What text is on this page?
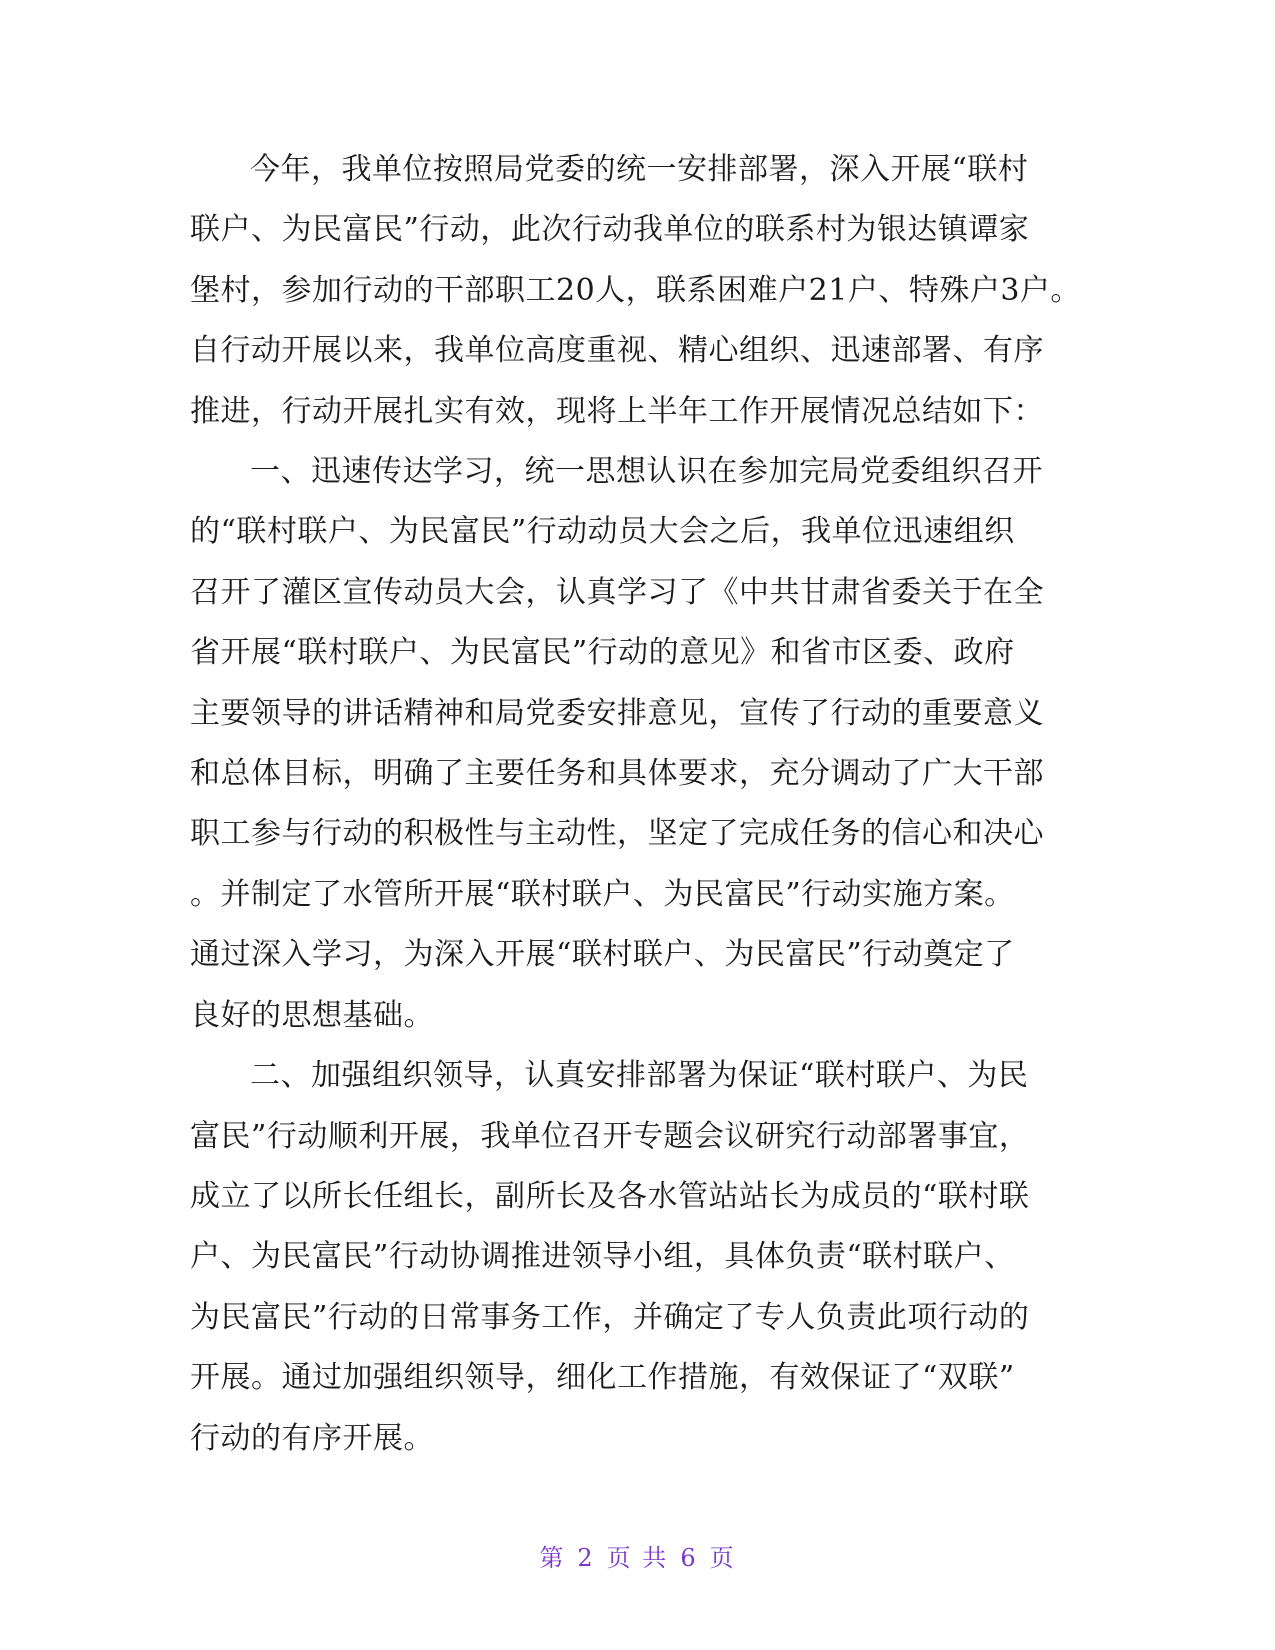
今年，我单位按照局党委的统一安排部署，深入开展“联村
联户、为民富民”行动，此次行动我单位的联系村为银达镇谭家
堡村，参加行动的干部职工20人，联系困难户21户、特殊户3户。
自行动开展以来，我单位高度重视、精心组织、迅速部署、有序
推进，行动开展扎实有效，现将上半年工作开展情况总结如下：

一、迅速传达学习，统一思想认识在参加完局党委组织召开
的“联村联户、为民富民”行动动员大会之后，我单位迅速组织
召开了灌区宣传动员大会，认真学习了《中共甘肃省委关于在全
省开展“联村联户、为民富民”行动的意见》和省市区委、政府
主要领导的讲话精神和局党委安排意见，宣传了行动的重要意义
和总体目标，明确了主要任务和具体要求，充分调动了广大干部
职工参与行动的积极性与主动性，坚定了完成任务的信心和决心
。并制定了水管所开展“联村联户、为民富民”行动实施方案。
通过深入学习，为深入开展“联村联户、为民富民”行动奠定了
良好的思想基础。

二、加强组织领导，认真安排部署为保证“联村联户、为民
富民”行动顺利开展，我单位召开专题会议研究行动部署事宜，
成立了以所长任组长，副所长及各水管站站长为成员的“联村联
户、为民富民”行动协调推进领导小组，具体负责“联村联户、
为民富民”行动的日常事务工作，并确定了专人负责此项行动的
开展。通过加强组织领导，细化工作措施，有效保证了“双联”
行动的有序开展。

第 2 页 共 6 页
